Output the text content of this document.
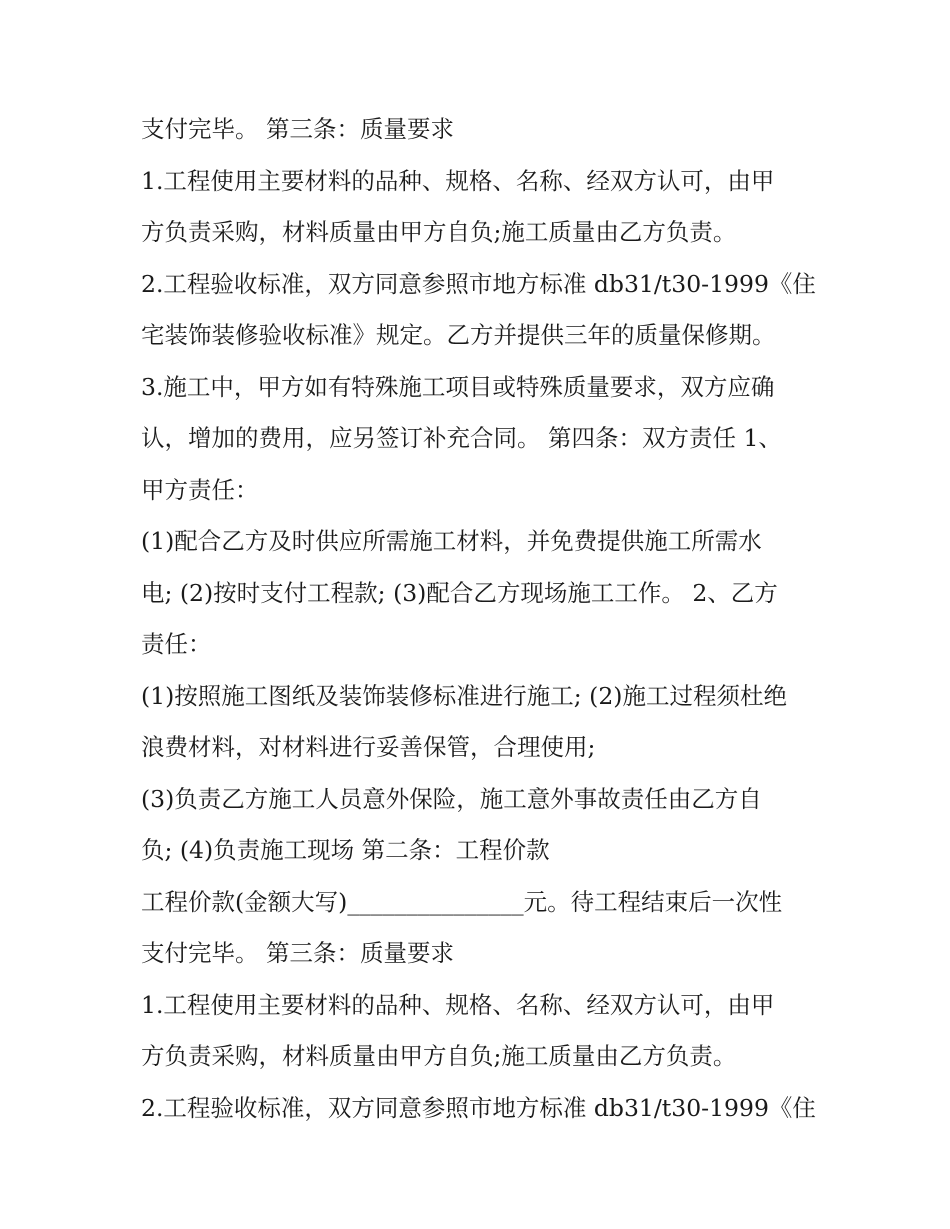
支付完毕。 第三条：质量要求
1.工程使用主要材料的品种、规格、名称、经双方认可，由甲
方负责采购，材料质量由甲方自负;施工质量由乙方负责。
2.工程验收标准，双方同意参照市地方标准 db31/t30-1999《住
宅装饰装修验收标准》规定。乙方并提供三年的质量保修期。
3.施工中，甲方如有特殊施工项目或特殊质量要求，双方应确
认，增加的费用，应另签订补充合同。 第四条：双方责任 1、
甲方责任：
(1)配合乙方及时供应所需施工材料，并免费提供施工所需水
电; (2)按时支付工程款; (3)配合乙方现场施工工作。 2、乙方
责任：
(1)按照施工图纸及装饰装修标准进行施工; (2)施工过程须杜绝
浪费材料，对材料进行妥善保管，合理使用;
(3)负责乙方施工人员意外保险，施工意外事故责任由乙方自
负; (4)负责施工现场 第二条：工程价款
工程价款(金额大写)_______________元。待工程结束后一次性
支付完毕。 第三条：质量要求
1.工程使用主要材料的品种、规格、名称、经双方认可，由甲
方负责采购，材料质量由甲方自负;施工质量由乙方负责。
2.工程验收标准，双方同意参照市地方标准 db31/t30-1999《住
